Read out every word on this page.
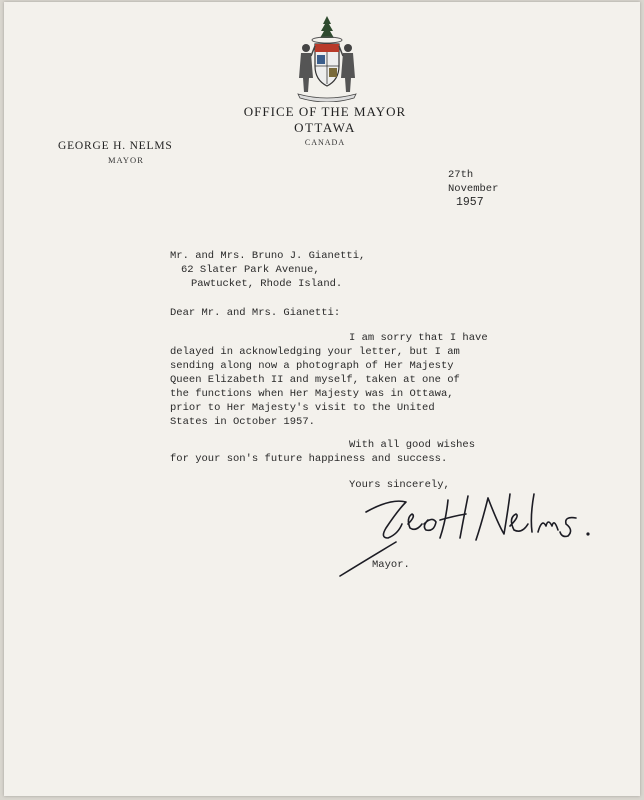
OFFICE OF THE MAYOR
OTTAWA
CANADA
GEORGE H. NELMS
MAYOR
27th
November
1957
Mr. and Mrs. Bruno J. Gianetti,
62 Slater Park Avenue,
Pawtucket, Rhode Island.
Dear Mr. and Mrs. Gianetti:
I am sorry that I have
delayed in acknowledging your letter, but I am
sending along now a photograph of Her Majesty
Queen Elizabeth II and myself, taken at one of
the functions when Her Majesty was in Ottawa,
prior to Her Majesty's visit to the United
States in October 1957.
With all good wishes
for your son's future happiness and success.
Yours sincerely,
Mayor.
